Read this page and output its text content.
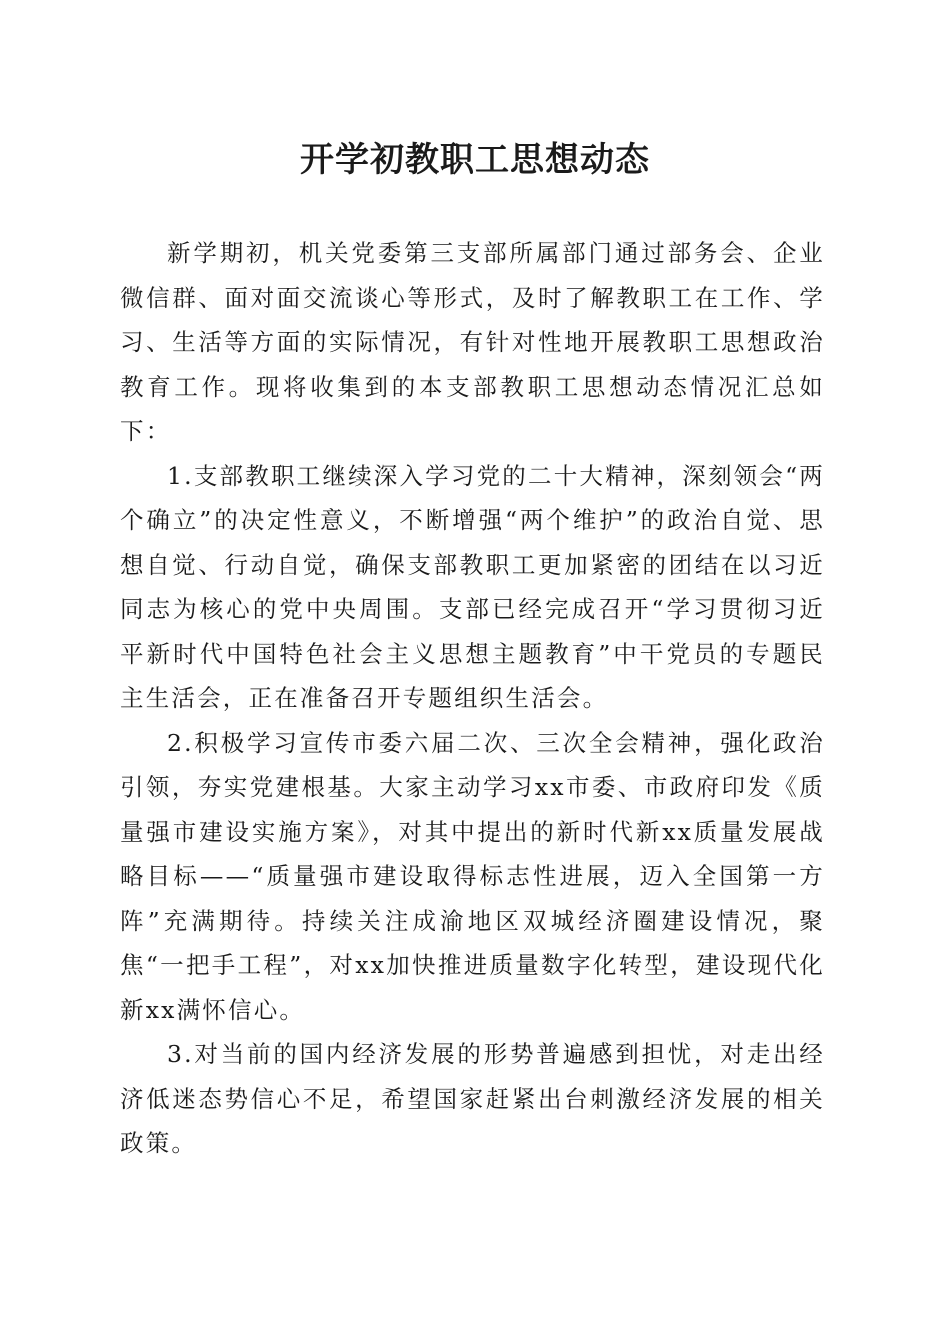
开学初教职工思想动态

新学期初，机关党委第三支部所属部门通过部务会、企业微信群、面对面交流谈心等形式，及时了解教职工在工作、学习、生活等方面的实际情况，有针对性地开展教职工思想政治教育工作。现将收集到的本支部教职工思想动态情况汇总如下：

1.支部教职工继续深入学习党的二十大精神，深刻领会“两个确立”的决定性意义，不断增强“两个维护”的政治自觉、思想自觉、行动自觉，确保支部教职工更加紧密的团结在以习近同志为核心的党中央周围。支部已经完成召开“学习贯彻习近平新时代中国特色社会主义思想主题教育”中干党员的专题民主生活会，正在准备召开专题组织生活会。

2.积极学习宣传市委六届二次、三次全会精神，强化政治引领，夯实党建根基。大家主动学习xx市委、市政府印发《质量强市建设实施方案》，对其中提出的新时代新xx质量发展战略目标——“质量强市建设取得标志性进展，迈入全国第一方阵”充满期待。持续关注成渝地区双城经济圈建设情况，聚焦“一把手工程”，对xx加快推进质量数字化转型，建设现代化新xx满怀信心。

3.对当前的国内经济发展的形势普遍感到担忧，对走出经济低迷态势信心不足，希望国家赶紧出台刺激经济发展的相关政策。
